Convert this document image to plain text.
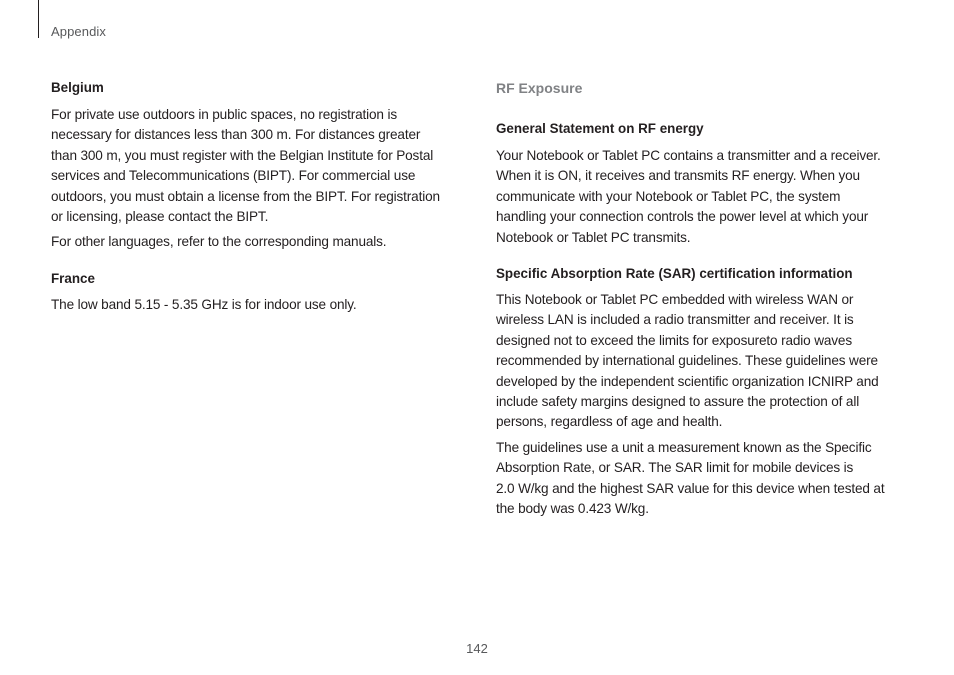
Appendix
Belgium
For private use outdoors in public spaces, no registration is
necessary for distances less than 300 m. For distances greater
than 300 m, you must register with the Belgian Institute for Postal
services and Telecommunications (BIPT). For commercial use
outdoors, you must obtain a license from the BIPT. For registration
or licensing, please contact the BIPT.
For other languages, refer to the corresponding manuals.
France
The low band 5.15 - 5.35 GHz is for indoor use only.
RF Exposure
General Statement on RF energy
Your Notebook or Tablet PC contains a transmitter and a receiver.
When it is ON, it receives and transmits RF energy. When you
communicate with your Notebook or Tablet PC, the system
handling your connection controls the power level at which your
Notebook or Tablet PC transmits.
Specific Absorption Rate (SAR) certification information
This Notebook or Tablet PC embedded with wireless WAN or
wireless LAN is included a radio transmitter and receiver. It is
designed not to exceed the limits for exposureto radio waves
recommended by international guidelines. These guidelines were
developed by the independent scientific organization ICNIRP and
include safety margins designed to assure the protection of all
persons, regardless of age and health.
The guidelines use a unit a measurement known as the Specific
Absorption Rate, or SAR. The SAR limit for mobile devices is
2.0 W/kg and the highest SAR value for this device when tested at
the body was 0.423 W/kg.
142
